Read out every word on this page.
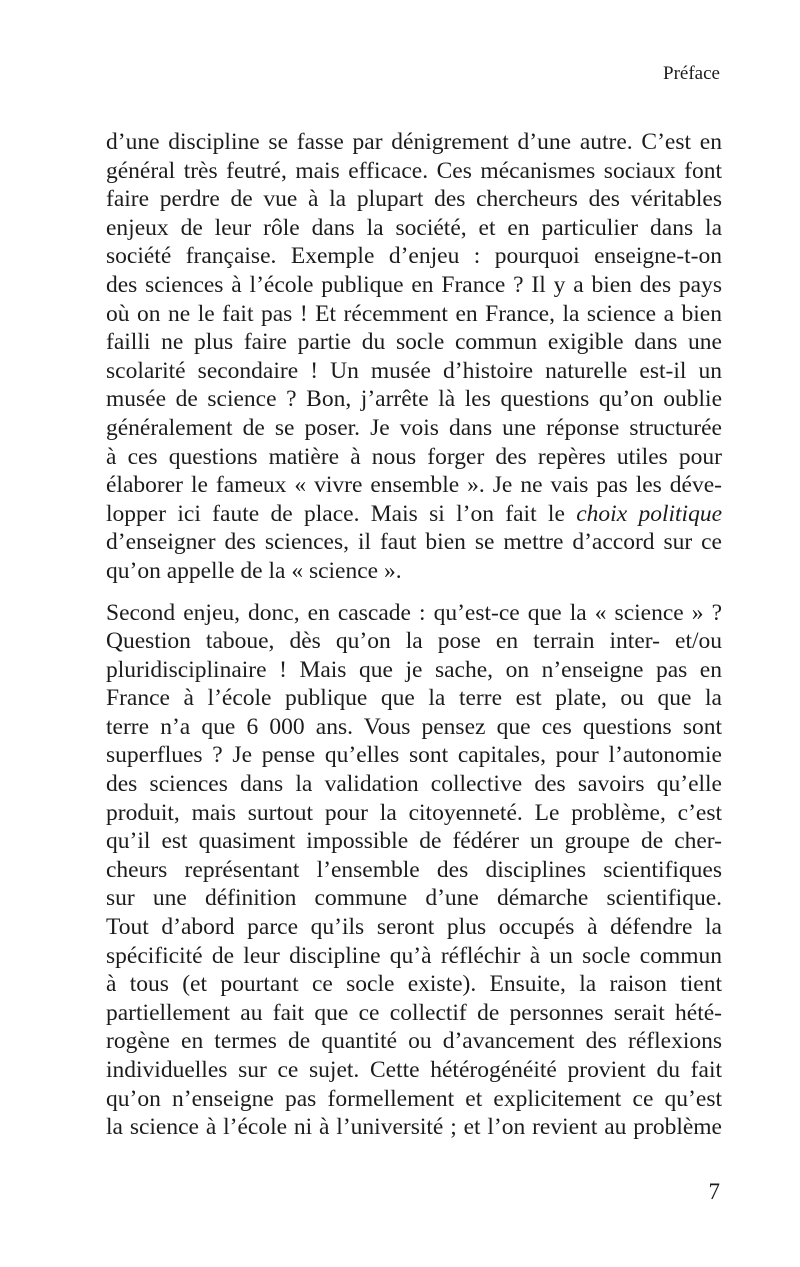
Préface
d’une discipline se fasse par dénigrement d’une autre. C’est en
général très feutré, mais efficace. Ces mécanismes sociaux font
faire perdre de vue à la plupart des chercheurs des véritables
enjeux de leur rôle dans la société, et en particulier dans la
société française. Exemple d’enjeu : pourquoi enseigne-t-on
des sciences à l’école publique en France ? Il y a bien des pays
où on ne le fait pas ! Et récemment en France, la science a bien
failli ne plus faire partie du socle commun exigible dans une
scolarité secondaire ! Un musée d’histoire naturelle est-il un
musée de science ? Bon, j’arrête là les questions qu’on oublie
généralement de se poser. Je vois dans une réponse structurée
à ces questions matière à nous forger des repères utiles pour
élaborer le fameux « vivre ensemble ». Je ne vais pas les déve-
lopper ici faute de place. Mais si l’on fait le choix politique
d’enseigner des sciences, il faut bien se mettre d’accord sur ce
qu’on appelle de la « science ».
Second enjeu, donc, en cascade : qu’est-ce que la « science » ?
Question taboue, dès qu’on la pose en terrain inter- et/ou
pluridisciplinaire ! Mais que je sache, on n’enseigne pas en
France à l’école publique que la terre est plate, ou que la
terre n’a que 6 000 ans. Vous pensez que ces questions sont
superflues ? Je pense qu’elles sont capitales, pour l’autonomie
des sciences dans la validation collective des savoirs qu’elle
produit, mais surtout pour la citoyenneté. Le problème, c’est
qu’il est quasiment impossible de fédérer un groupe de cher-
cheurs représentant l’ensemble des disciplines scientifiques
sur une définition commune d’une démarche scientifique.
Tout d’abord parce qu’ils seront plus occupés à défendre la
spécificité de leur discipline qu’à réfléchir à un socle commun
à tous (et pourtant ce socle existe). Ensuite, la raison tient
partiellement au fait que ce collectif de personnes serait hété-
rogène en termes de quantité ou d’avancement des réflexions
individuelles sur ce sujet. Cette hétérogénéité provient du fait
qu’on n’enseigne pas formellement et explicitement ce qu’est
la science à l’école ni à l’université ; et l’on revient au problème
7
